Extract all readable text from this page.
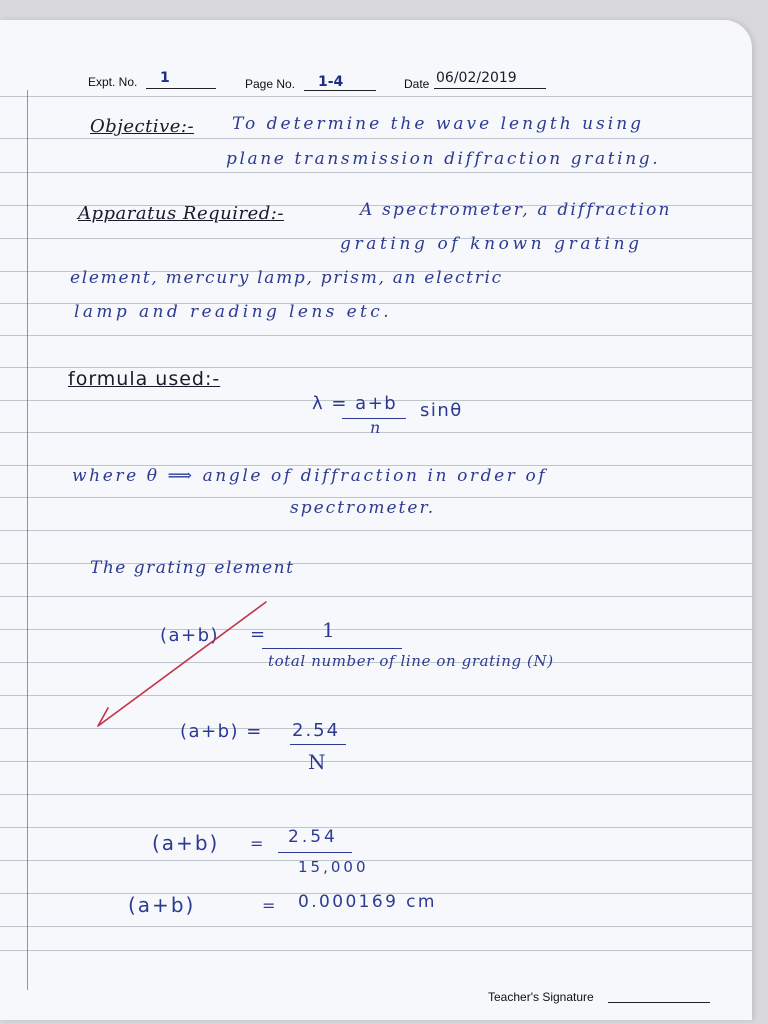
Expt. No. 1	Page No. 1-4	Date 06/02/2019
Objective:- To determine the wave length using
plane transmission diffraction grating.
Apparatus Required:-	A spectrometer, a diffraction
grating of known grating
element, mercury lamp, prism, an electric
lamp and reading lens etc.
formula used:-
λ = a+b sinθ
n
where θ ⟹ angle of diffraction in order of
spectrometer.
The grating element
(a+b) =	1
total number of line on grating (N)
(a+b) = 2.54
N
(a+b) = 2.54
15,000
(a+b)	= 0.000169 cm
Teacher's Signature
